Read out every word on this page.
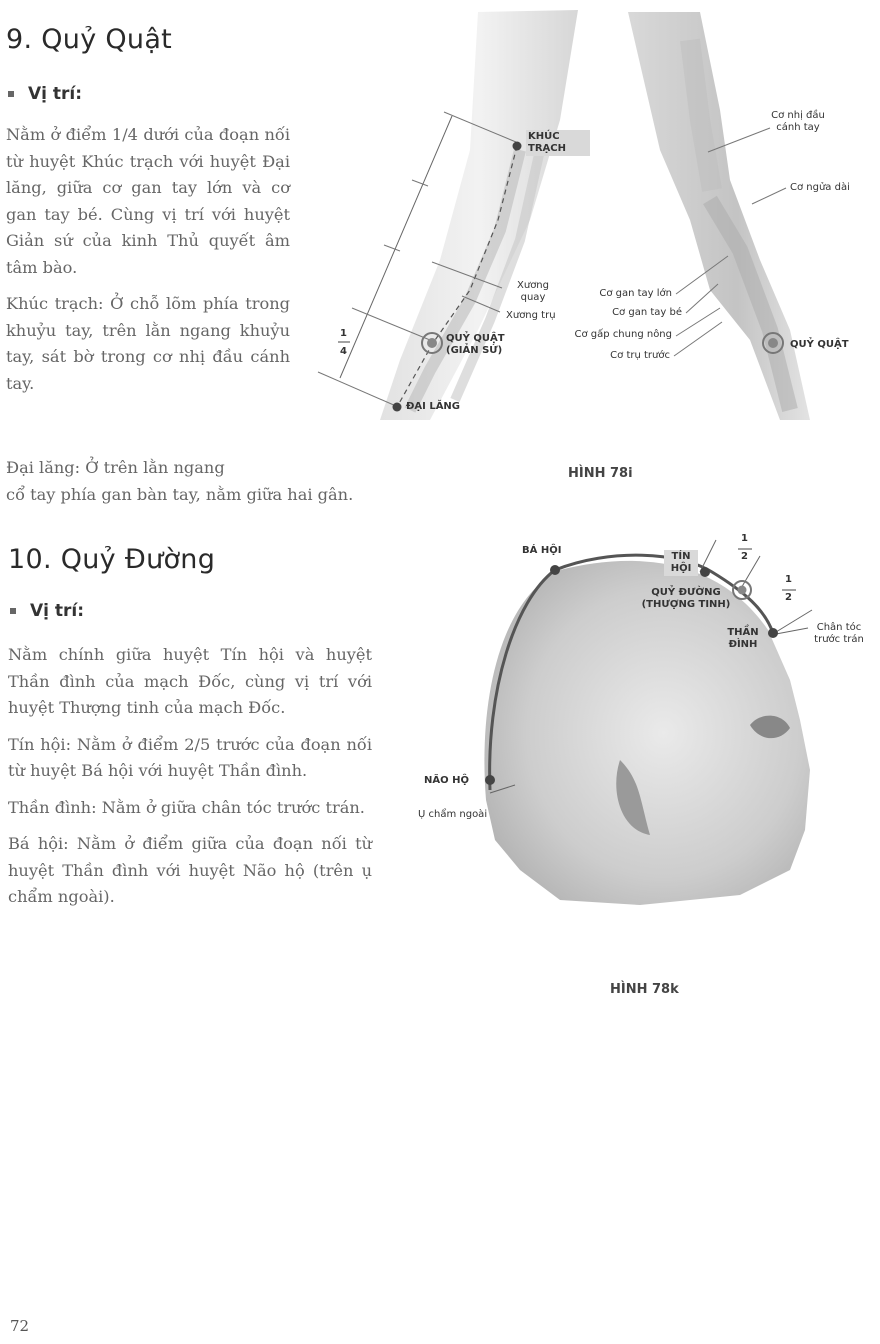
9. Quỷ Quật
Vị trí:

Nằm ở điểm 1/4 dưới của đoạn nối từ huyệt Khúc trạch với huyệt Đại lăng, giữa cơ gan tay lớn và cơ gan tay bé. Cùng vị trí với huyệt Giản sứ của kinh Thủ quyết âm tâm bào.

Khúc trạch: Ở chỗ lõm phía trong khuỷu tay, trên lằn ngang khuỷu tay, sát bờ trong cơ nhị đầu cánh tay.

Đại lăng: Ở trên lằn ngang
cổ tay phía gan bàn tay, nằm giữa hai gân.
KHÚC TRẠCH
Xương quay
Xương trụ
QUỶ QUẬT
(GIẢN SỨ)
ĐẠI LĂNG
1
4
Cơ nhị đầu
cánh tay
Cơ ngửa dài
Cơ gan tay lớn
Cơ gan tay bé
Cơ gấp chung nông
Cơ trụ trước
QUỶ QUẬT
HÌNH 78i
10. Quỷ Đường
Vị trí:

Nằm chính giữa huyệt Tín hội và huyệt Thần đình của mạch Đốc, cùng vị trí với huyệt Thượng tinh của mạch Đốc.

Tín hội: Nằm ở điểm 2/5 trước của đoạn nối từ huyệt Bá hội với huyệt Thần đình.

Thần đình: Nằm ở giữa chân tóc trước trán.

Bá hội: Nằm ở điểm giữa của đoạn nối từ huyệt Thần đình với huyệt Não hộ (trên ụ chẩm ngoài).

BÁ HỘI
TÍN
HỘI
QUỶ ĐƯỜNG
(THƯỢNG TINH)
THẦN
ĐÌNH
Chân tóc
trước trán
NÃO HỘ
Ụ chẩm ngoài
1
2
1
2
HÌNH 78k
72
